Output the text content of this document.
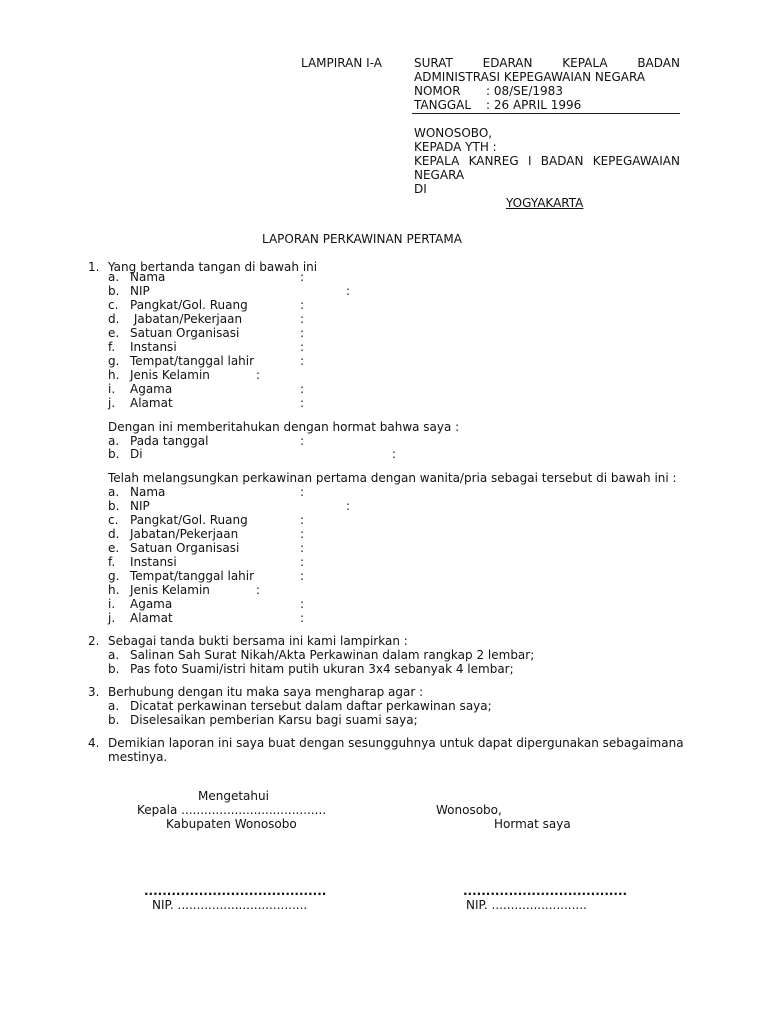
LAMPIRAN I-A	SURAT EDARAN KEPALA BADAN
ADMINISTRASI KEPEGAWAIAN NEGARA
NOMOR : 08/SE/1983
TANGGAL : 26 APRIL 1996
WONOSOBO,
KEPADA YTH :
KEPALA KANREG I BADAN KEPEGAWAIAN
NEGARA
DI
YOGYAKARTA
LAPORAN PERKAWINAN PERTAMA
1. Yang bertanda tangan di bawah ini
a. Nama	:
b. NIP	:
c. Pangkat/Gol. Ruang	:
d. Jabatan/Pekerjaan	:
e. Satuan Organisasi	:
f. Instansi	:
g. Tempat/tanggal lahir	:
h. Jenis Kelamin	:
i. Agama	:
j. Alamat	:
Dengan ini memberitahukan dengan hormat bahwa saya :
a. Pada tanggal	:
b. Di	:
Telah melangsungkan perkawinan pertama dengan wanita/pria sebagai tersebut di bawah ini :
a. Nama	:
b. NIP	:
c. Pangkat/Gol. Ruang	:
d. Jabatan/Pekerjaan	:
e. Satuan Organisasi	:
f. Instansi	:
g. Tempat/tanggal lahir	:
h. Jenis Kelamin	:
i. Agama	:
j. Alamat	:
2. Sebagai tanda bukti bersama ini kami lampirkan :
a. Salinan Sah Surat Nikah/Akta Perkawinan dalam rangkap 2 lembar;
b. Pas foto Suami/istri hitam putih ukuran 3x4 sebanyak 4 lembar;
3. Berhubung dengan itu maka saya mengharap agar :
a. Dicatat perkawinan tersebut dalam daftar perkawinan saya;
b. Diselesaikan pemberian Karsu bagi suami saya;
4. Demikian laporan ini saya buat dengan sesungguhnya untuk dapat dipergunakan sebagaimana
mestinya.
Mengetahui
Kepala ......................................
Kabupaten Wonosobo
Wonosobo,
Hormat saya
........................................
NIP. ..................................
....................................
NIP. .........................
